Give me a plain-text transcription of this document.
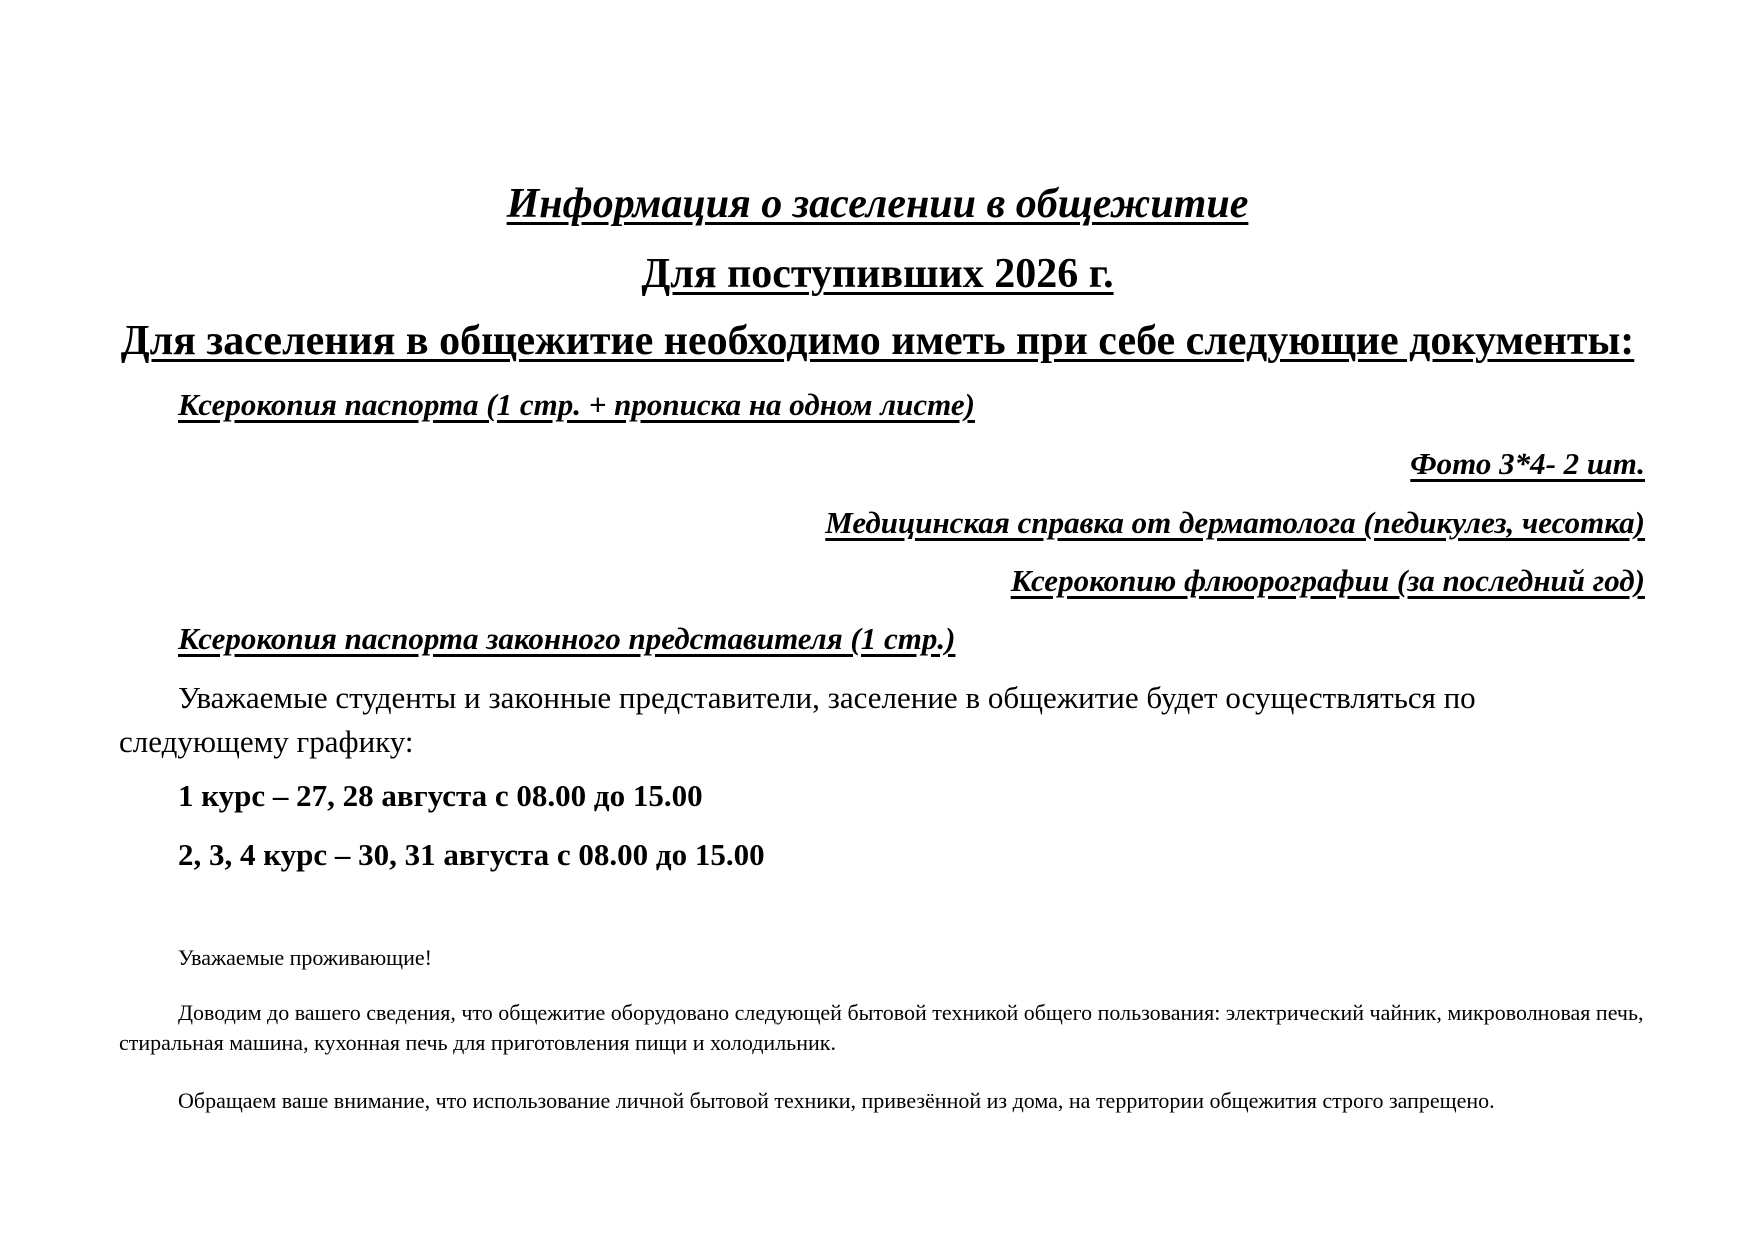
Информация о заселении в общежитие
Для поступивших 2026 г.
Для заселения в общежитие необходимо иметь при себе следующие документы:
Ксерокопия паспорта (1 стр. + прописка на одном листе)
Фото 3*4- 2 шт.
Медицинская справка от дерматолога (педикулез, чесотка)
Ксерокопию флюорографии (за последний год)
Ксерокопия паспорта законного представителя (1 стр.)
Уважаемые студенты и законные представители, заселение в общежитие будет осуществляться по следующему графику:
1 курс – 27, 28 августа с 08.00 до 15.00
2, 3, 4 курс – 30, 31 августа с 08.00 до 15.00
Уважаемые проживающие!
Доводим до вашего сведения, что общежитие оборудовано следующей бытовой техникой общего пользования: электрический чайник, микроволновая печь, стиральная машина, кухонная печь для приготовления пищи и холодильник.
Обращаем ваше внимание, что использование личной бытовой техники, привезённой из дома, на территории общежития строго запрещено.
